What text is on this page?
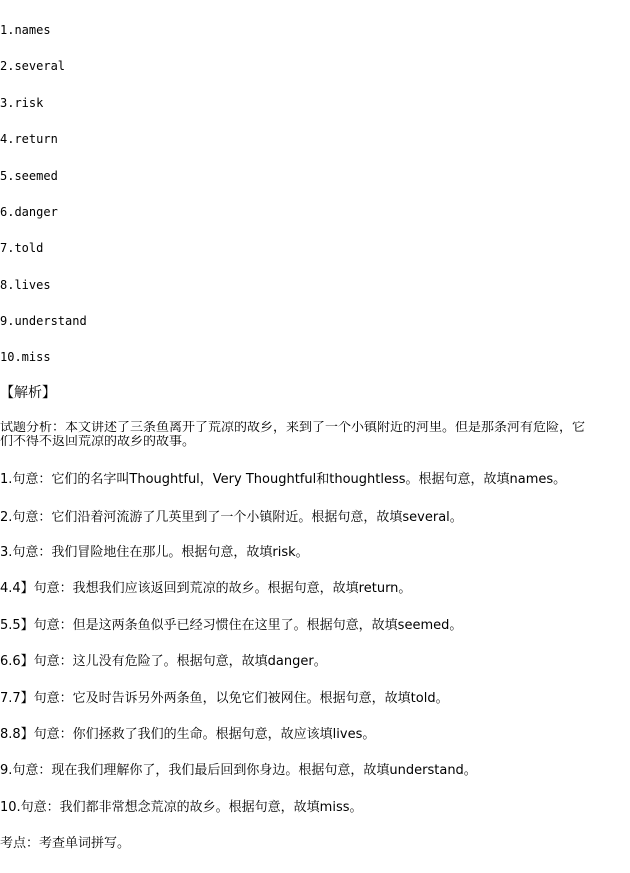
1.names
2.several
3.risk
4.return
5.seemed
6.danger
7.told
8.lives
9.understand
10.miss
【解析】
试题分析：本文讲述了三条鱼离开了荒凉的故乡，来到了一个小镇附近的河里。但是那条河有危险，它
们不得不返回荒凉的故乡的故事。
1.句意：它们的名字叫Thoughtful，Very Thoughtful和thoughtless。根据句意，故填names。
2.句意：它们沿着河流游了几英里到了一个小镇附近。根据句意，故填several。
3.句意：我们冒险地住在那儿。根据句意，故填risk。
4.4】句意：我想我们应该返回到荒凉的故乡。根据句意，故填return。
5.5】句意：但是这两条鱼似乎已经习惯住在这里了。根据句意，故填seemed。
6.6】句意：这儿没有危险了。根据句意，故填danger。
7.7】句意：它及时告诉另外两条鱼，以免它们被网住。根据句意，故填told。
8.8】句意：你们拯救了我们的生命。根据句意，故应该填lives。
9.句意：现在我们理解你了，我们最后回到你身边。根据句意，故填understand。
10.句意：我们都非常想念荒凉的故乡。根据句意，故填miss。
考点：考查单词拼写。
